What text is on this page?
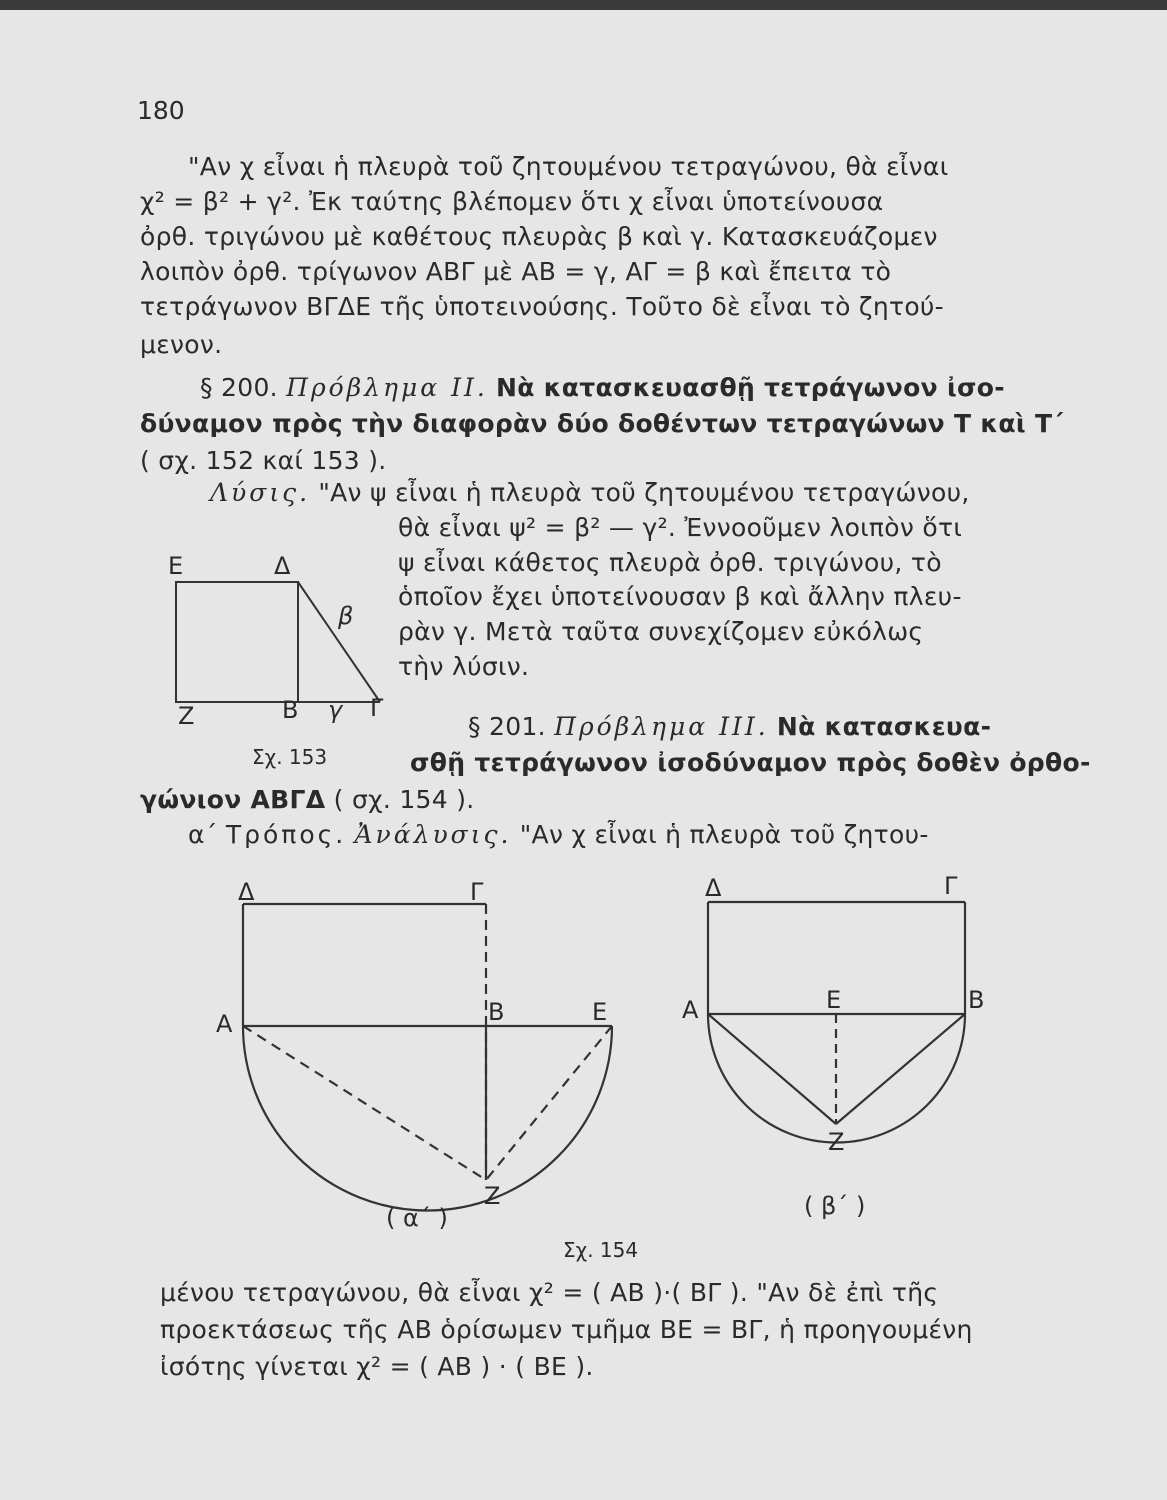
180
"Αν χ εἶναι ἡ πλευρὰ τοῦ ζητουμένου τετραγώνου, θὰ εἶναι
χ² = β² + γ². Ἐκ ταύτης βλέπομεν ὅτι χ εἶναι ὑποτείνουσα
ὀρθ. τριγώνου μὲ καθέτους πλευρὰς β καὶ γ. Κατασκευάζομεν
λοιπὸν ὀρθ. τρίγωνον ΑΒΓ μὲ ΑΒ = γ, ΑΓ = β καὶ ἔπειτα τὸ
τετράγωνον ΒΓΔΕ τῆς ὑποτεινούσης. Τοῦτο δὲ εἶναι τὸ ζητού-
μενον.
§ 200. Πρόβλημα ΙΙ. Νὰ κατασκευασθῇ τετράγωνον ἰσο-
δύναμον πρὸς τὴν διαφορὰν δύο δοθέντων τετραγώνων Τ καὶ Τ΄
( σχ. 152 καί 153 ).
Λύσις. "Αν ψ εἶναι ἡ πλευρὰ τοῦ ζητουμένου τετραγώνου,
θὰ εἶναι ψ² = β² — γ². Ἐννοοῦμεν λοιπὸν ὅτι
ψ εἶναι κάθετος πλευρὰ ὀρθ. τριγώνου, τὸ
ὁποῖον ἔχει ὑποτείνουσαν β καὶ ἄλλην πλευ-
ρὰν γ. Μετὰ ταῦτα συνεχίζομεν εὐκόλως
τὴν λύσιν.
Ε	Δ
β
Ζ	Β γ Γ
Σχ. 153
§ 201. Πρόβλημα ΙΙΙ. Νὰ κατασκευα-
σθῇ τετράγωνον ἰσοδύναμον πρὸς δοθὲν ὀρθο-
γώνιον ΑΒΓΔ ( σχ. 154 ).
α΄ Τρόπος. Ἀνάλυσις. "Αν χ εἶναι ἡ πλευρὰ τοῦ ζητου-
Δ	Γ
Α	Β	Ε
Ζ
( α΄ )
Δ	Γ
Α	Ε	Β
Ζ
( β΄ )
Σχ. 154
μένου τετραγώνου, θὰ εἶναι χ² = ( ΑΒ )·( ΒΓ ). "Αν δὲ ἐπὶ τῆς
προεκτάσεως τῆς ΑΒ ὁρίσωμεν τμῆμα ΒΕ = ΒΓ, ἡ προηγουμένη
ἰσότης γίνεται χ² = ( ΑΒ ) · ( ΒΕ ).
